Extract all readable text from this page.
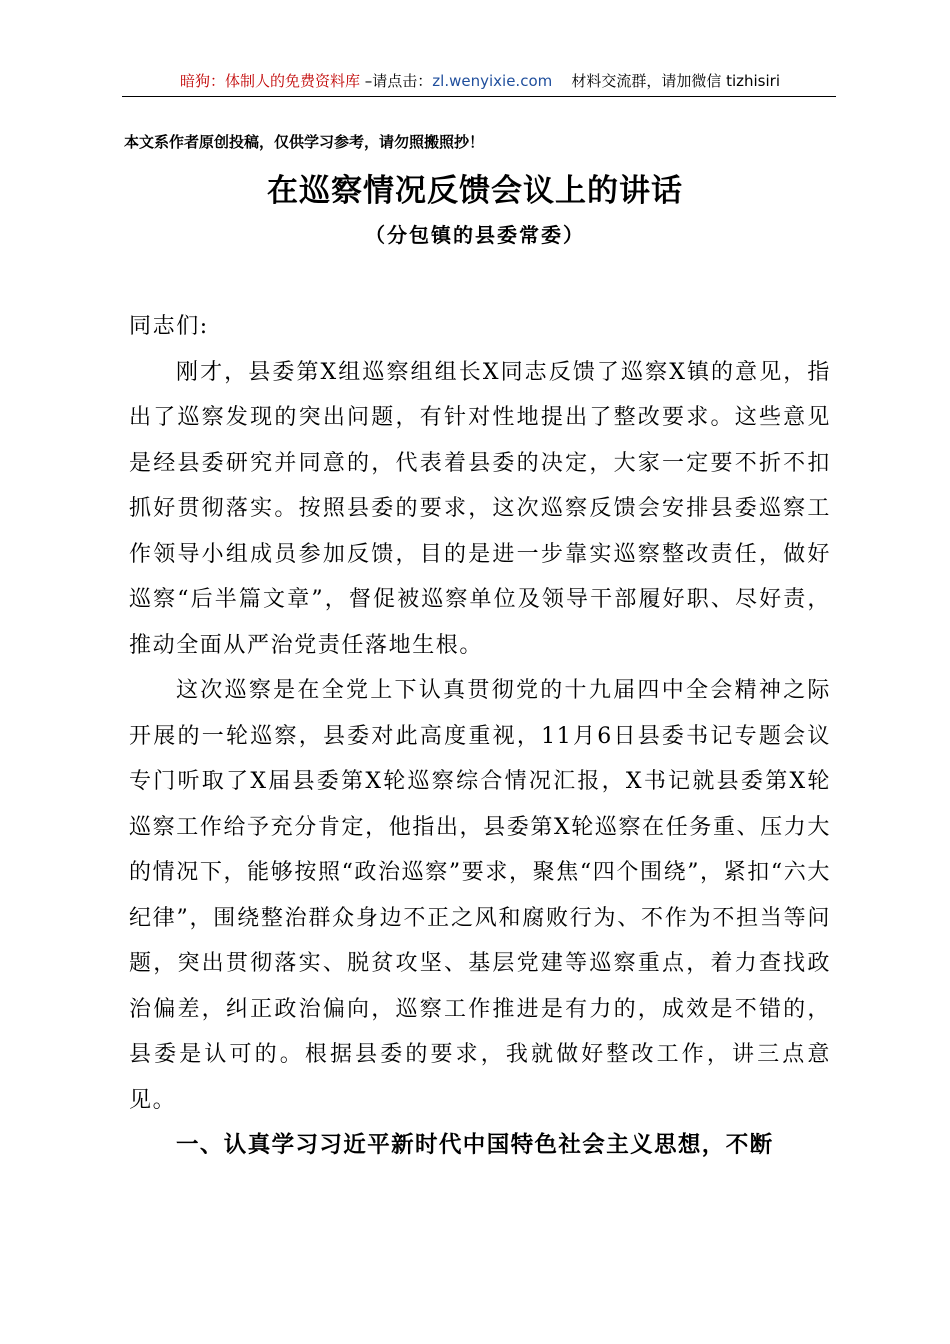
暗狗：体制人的免费资料库 –请点击：zl.wenyixie.com 材料交流群，请加微信 tizhisiri
本文系作者原创投稿，仅供学习参考，请勿照搬照抄！
在巡察情况反馈会议上的讲话
（分包镇的县委常委）

同志们:

刚才，县委第X组巡察组组长X同志反馈了巡察X镇的意见，指出了巡察发现的突出问题，有针对性地提出了整改要求。这些意见是经县委研究并同意的，代表着县委的决定，大家一定要不折不扣抓好贯彻落实。按照县委的要求，这次巡察反馈会安排县委巡察工作领导小组成员参加反馈，目的是进一步靠实巡察整改责任，做好巡察“后半篇文章”，督促被巡察单位及领导干部履好职、尽好责，推动全面从严治党责任落地生根。

这次巡察是在全党上下认真贯彻党的十九届四中全会精神之际开展的一轮巡察，县委对此高度重视，11月6日县委书记专题会议专门听取了X届县委第X轮巡察综合情况汇报，X书记就县委第X轮巡察工作给予充分肯定，他指出，县委第X轮巡察在任务重、压力大的情况下，能够按照“政治巡察”要求，聚焦“四个围绕”，紧扣“六大纪律”，围绕整治群众身边不正之风和腐败行为、不作为不担当等问题，突出贯彻落实、脱贫攻坚、基层党建等巡察重点，着力查找政治偏差，纠正政治偏向，巡察工作推进是有力的，成效是不错的，县委是认可的。根据县委的要求，我就做好整改工作，讲三点意见。

一、认真学习习近平新时代中国特色社会主义思想，不断
